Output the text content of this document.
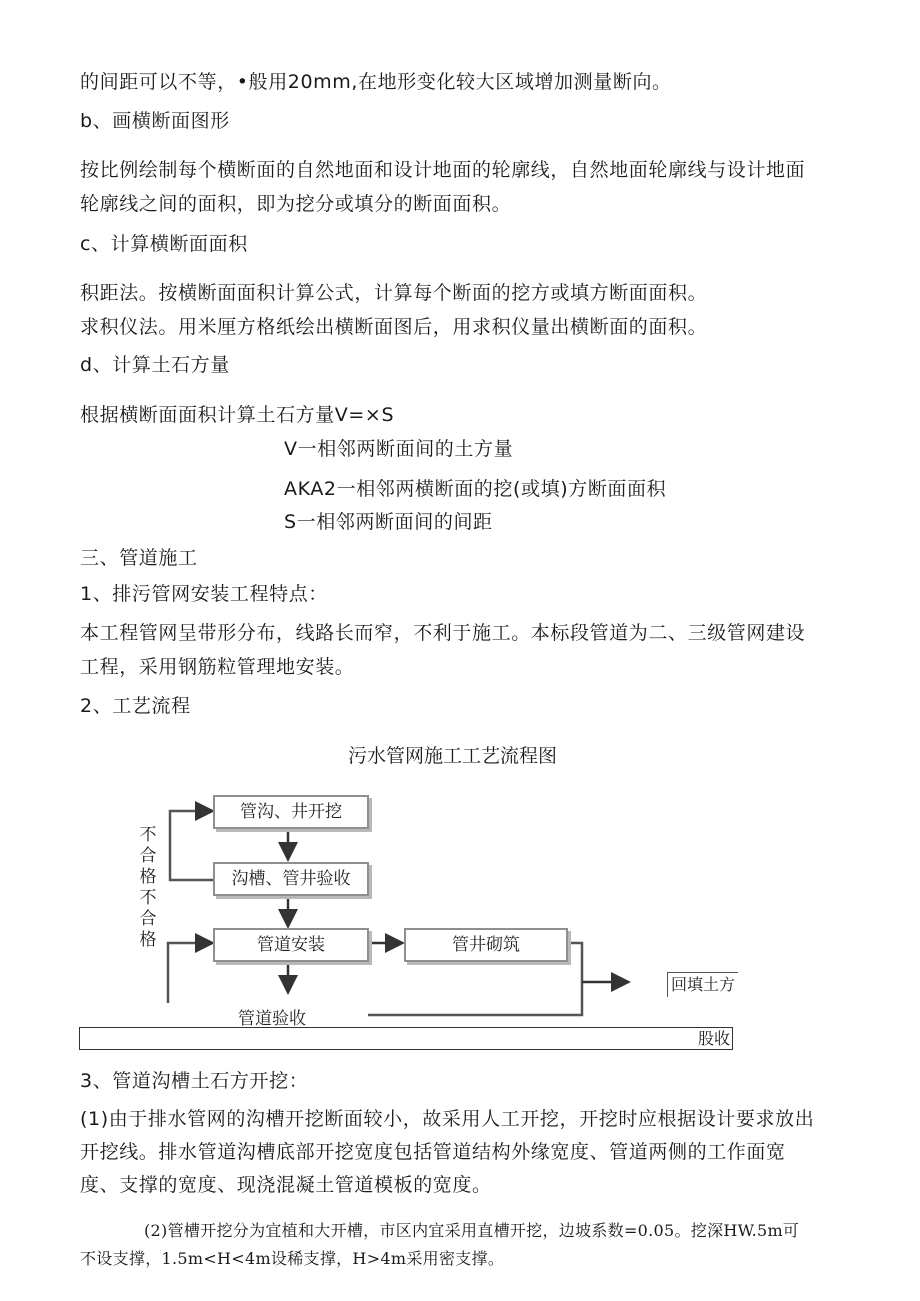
的间距可以不等，•般用20mm,在地形变化较大区域增加测量断向。
b、画横断面图形
按比例绘制每个横断面的自然地面和设计地面的轮廓线，自然地面轮廓线与设计地面
轮廓线之间的面积，即为挖分或填分的断面面积。
c、计算横断面面积
积距法。按横断面面积计算公式，计算每个断面的挖方或填方断面面积。
求积仪法。用米厘方格纸绘出横断面图后，用求积仪量出横断面的面积。
d、计算土石方量
根据横断面面积计算土石方量V=×S
V一相邻两断面间的土方量
AKA2一相邻两横断面的挖(或填)方断面面积
S一相邻两断面间的间距
三、管道施工
1、排污管网安装工程特点：
本工程管网呈带形分布，线路长而窄，不利于施工。本标段管道为二、三级管网建设
工程，采用钢筋粒管理地安装。
2、工艺流程
污水管网施工工艺流程图
管沟、井开挖
沟槽、管井验收
管道安装	管井砌筑
管道验收
回填土方
不
合
格
不
合
格
股收
3、管道沟槽土石方开挖：
(1)由于排水管网的沟槽开挖断面较小，故采用人工开挖，开挖时应根据设计要求放出
开挖线。排水管道沟槽底部开挖宽度包括管道结构外缘宽度、管道两侧的工作面宽
度、支撑的宽度、现浇混凝土管道模板的宽度。
(2)管槽开挖分为宜植和大开槽，市区内宜采用直槽开挖，边坡系数=0.05。挖深HW.5m可
不设支撑，1.5m<H<4m设稀支撑，H>4m采用密支撑。
